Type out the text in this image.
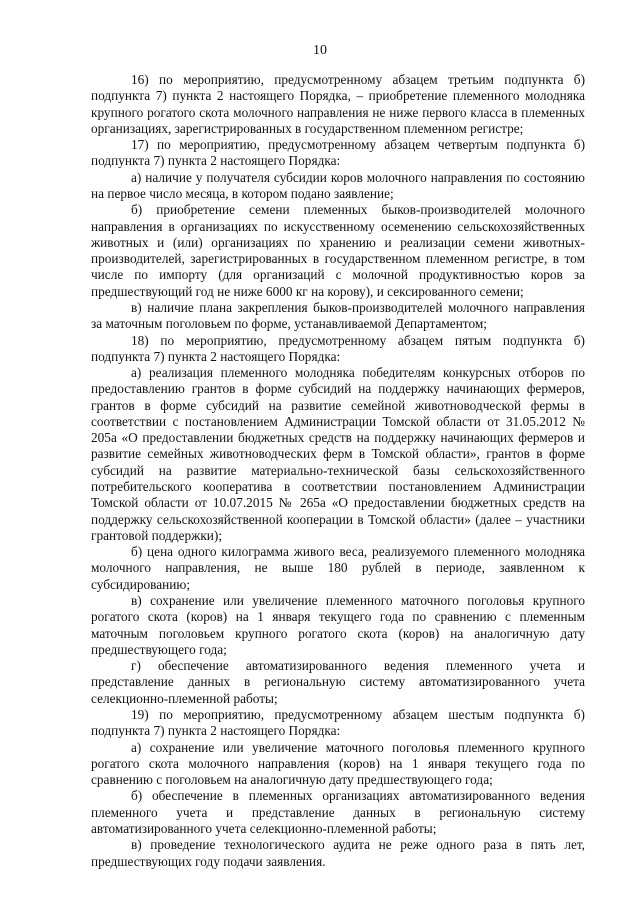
10

16) по мероприятию, предусмотренному абзацем третьим подпункта б) подпункта 7) пункта 2 настоящего Порядка, – приобретение племенного молодняка крупного рогатого скота молочного направления не ниже первого класса в племенных организациях, зарегистрированных в государственном племенном регистре;

17) по мероприятию, предусмотренному абзацем четвертым подпункта б) подпункта 7) пункта 2 настоящего Порядка:

а) наличие у получателя субсидии коров молочного направления по состоянию на первое число месяца, в котором подано заявление;

б) приобретение семени племенных быков-производителей молочного направления в организациях по искусственному осеменению сельскохозяйственных животных и (или) организациях по хранению и реализации семени животных-производителей, зарегистрированных в государственном племенном регистре, в том числе по импорту (для организаций с молочной продуктивностью коров за предшествующий год не ниже 6000 кг на корову), и сексированного семени;

в) наличие плана закрепления быков-производителей молочного направления за маточным поголовьем по форме, устанавливаемой Департаментом;

18) по мероприятию, предусмотренному абзацем пятым подпункта б) подпункта 7) пункта 2 настоящего Порядка:

а) реализация племенного молодняка победителям конкурсных отборов по предоставлению грантов в форме субсидий на поддержку начинающих фермеров, грантов в форме субсидий на развитие семейной животноводческой фермы в соответствии с постановлением Администрации Томской области от 31.05.2012 № 205а «О предоставлении бюджетных средств на поддержку начинающих фермеров и развитие семейных животноводческих ферм в Томской области», грантов в форме субсидий на развитие материально-технической базы сельскохозяйственного потребительского кооператива в соответствии постановлением Администрации Томской области от 10.07.2015 № 265а «О предоставлении бюджетных средств на поддержку сельскохозяйственной кооперации в Томской области» (далее – участники грантовой поддержки);

б) цена одного килограмма живого веса, реализуемого племенного молодняка молочного направления, не выше 180 рублей в периоде, заявленном к субсидированию;

в) сохранение или увеличение племенного маточного поголовья крупного рогатого скота (коров) на 1 января текущего года по сравнению с племенным маточным поголовьем крупного рогатого скота (коров) на аналогичную дату предшествующего года;

г) обеспечение автоматизированного ведения племенного учета и представление данных в региональную систему автоматизированного учета селекционно-племенной работы;

19) по мероприятию, предусмотренному абзацем шестым подпункта б) подпункта 7) пункта 2 настоящего Порядка:

а) сохранение или увеличение маточного поголовья племенного крупного рогатого скота молочного направления (коров) на 1 января текущего года по сравнению с поголовьем на аналогичную дату предшествующего года;

б) обеспечение в племенных организациях автоматизированного ведения племенного учета и представление данных в региональную систему автоматизированного учета селекционно-племенной работы;

в) проведение технологического аудита не реже одного раза в пять лет, предшествующих году подачи заявления.
